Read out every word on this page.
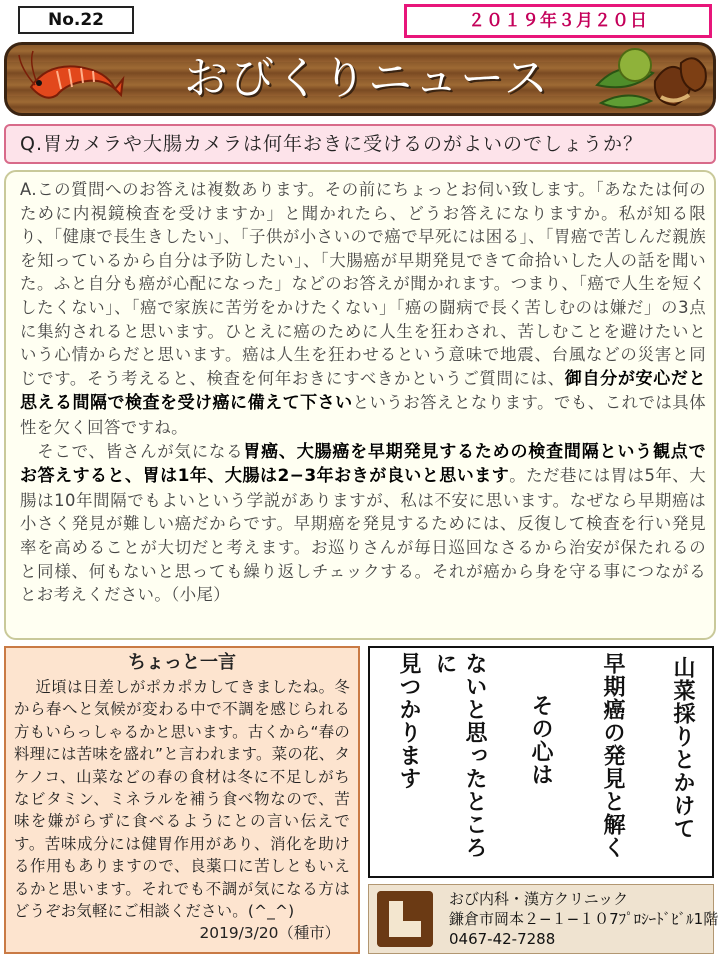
No.22	２０１９年３月２０日
おびくりニュース
Q.胃カメラや大腸カメラは何年おきに受けるのがよいのでしょうか？

A.この質問へのお答えは複数あります。その前にちょっとお伺い致します。「あなたは何のために内視鏡検査を受けますか」と聞かれたら、どうお答えになりますか。私が知る限り、「健康で長生きしたい」、「子供が小さいので癌で早死には困る」、「胃癌で苦しんだ親族を知っているから自分は予防したい」、「大腸癌が早期発見できて命拾いした人の話を聞いた。ふと自分も癌が心配になった」などのお答えが聞かれます。つまり、「癌で人生を短くしたくない」、「癌で家族に苦労をかけたくない」「癌の闘病で長く苦しむのは嫌だ」の3点に集約されると思います。ひとえに癌のために人生を狂わされ、苦しむことを避けたいという心情からだと思います。癌は人生を狂わせるという意味で地震、台風などの災害と同じです。そう考えると、検査を何年おきにすべきかというご質問には、御自分が安心だと思える間隔で検査を受け癌に備えて下さいというお答えとなります。でも、これでは具体性を欠く回答ですね。

　そこで、皆さんが気になる胃癌、大腸癌を早期発見するための検査間隔という観点でお答えすると、胃は1年、大腸は2−3年おきが良いと思います。ただ巷には胃は5年、大腸は10年間隔でもよいという学説がありますが、私は不安に思います。なぜなら早期癌は小さく発見が難しい癌だからです。早期癌を発見するためには、反復して検査を行い発見率を高めることが大切だと考えます。お巡りさんが毎日巡回なさるから治安が保たれるのと同様、何もないと思っても繰り返しチェックする。それが癌から身を守る事につながるとお考えください。（小尾）

ちょっと一言
近頃は日差しがポカポカしてきましたね。冬から春へと気候が変わる中で不調を感じられる方もいらっしゃるかと思います。古くから“春の料理には苦味を盛れ”と言われます。菜の花、タケノコ、山菜などの春の食材は冬に不足しがちなビタミン、ミネラルを補う食べ物なので、苦味を嫌がらずに食べるようにとの言い伝えです。苦味成分には健胃作用があり、消化を助ける作用もありますので、良薬口に苦しともいえるかと思います。それでも不調が気になる方はどうぞお気軽にご相談ください。(^_^)
2019/3/20（種市）
山菜採りとかけて
早期癌の発見と解く
その心は
ないと思ったところに
見つかります
おび内科・漢方クリニック
鎌倉市岡本２−１−１０7ﾌﾟﾛｼｰﾄﾞﾋﾞﾙ1階
0467-42-7288
